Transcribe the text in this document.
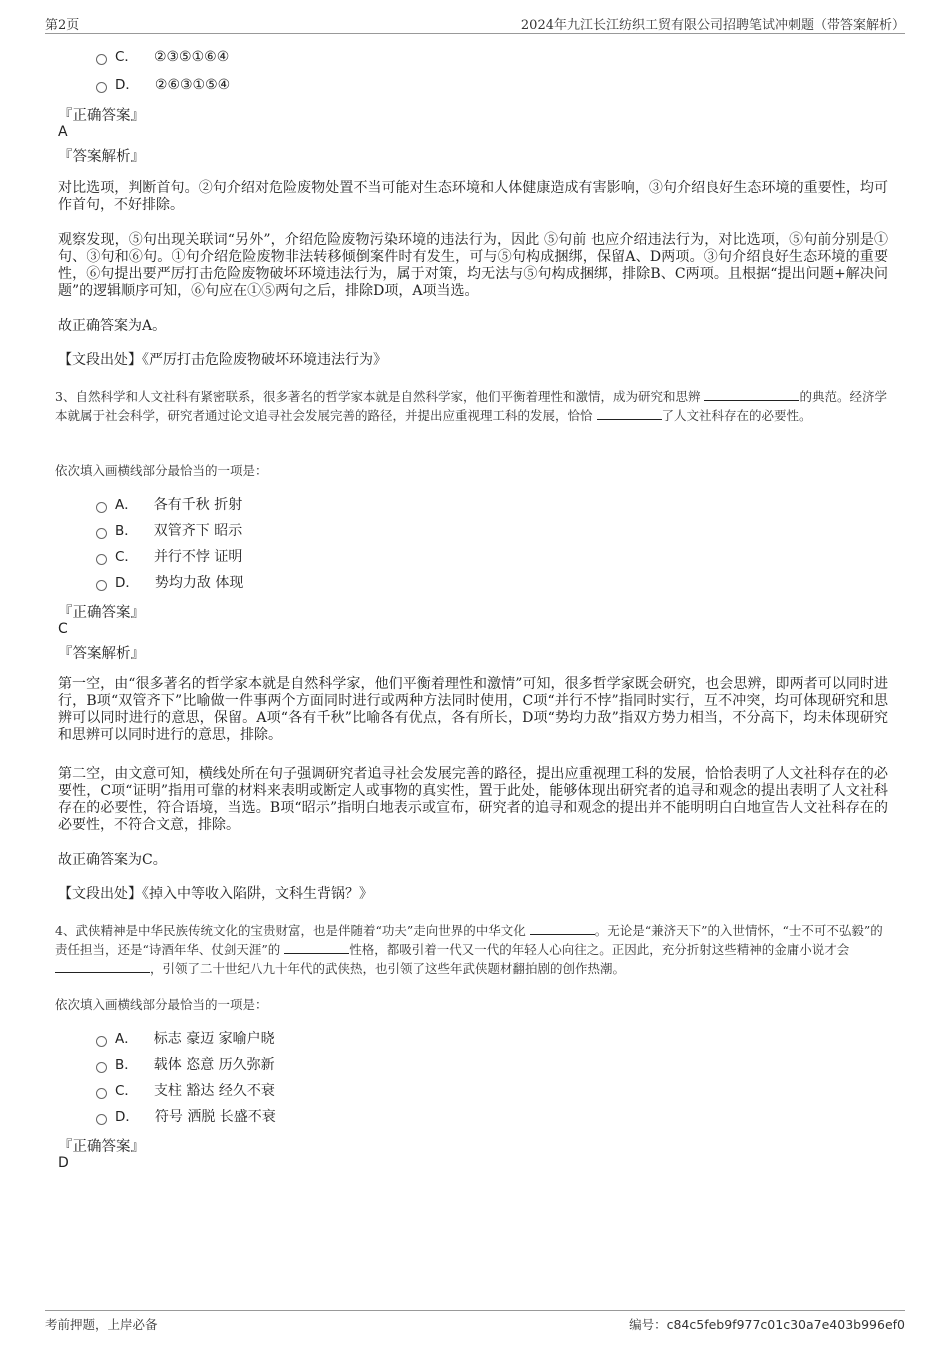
第2页	2024年九江长江纺织工贸有限公司招聘笔试冲刺题（带答案解析）
C． ②③⑤①⑥④
D． ②⑥③①⑤④
『正确答案』
A
『答案解析』
对比选项，判断首句。②句介绍对危险废物处置不当可能对生态环境和人体健康造成有害影响，③句介绍良好生态环境的重要性，均可作首句，不好排除。
观察发现，⑤句出现关联词“另外”，介绍危险废物污染环境的违法行为，因此 ⑤句前 也应介绍违法行为，对比选项，⑤句前分别是①句、③句和⑥句。①句介绍危险废物非法转移倾倒案件时有发生，可与⑤句构成捆绑，保留A、D两项。③句介绍良好生态环境的重要性，⑥句提出要严厉打击危险废物破坏环境违法行为，属于对策，均无法与⑤句构成捆绑，排除B、C两项。且根据“提出问题+解决问题”的逻辑顺序可知，⑥句应在①⑤两句之后，排除D项，A项当选。
故正确答案为A。
【文段出处】《严厉打击危险废物破坏环境违法行为》
3、自然科学和人文社科有紧密联系，很多著名的哲学家本就是自然科学家，他们平衡着理性和激情，成为研究和思辨	的典范。经济学本就属于社会科学，研究者通过论文追寻社会发展完善的路径，并提出应重视理工科的发展，恰恰	了人文社科存在的必要性。
依次填入画横线部分最恰当的一项是：
A． 各有千秋 折射
B． 双管齐下 昭示
C． 并行不悖 证明
D． 势均力敌 体现
『正确答案』
C
『答案解析』
第一空，由“很多著名的哲学家本就是自然科学家，他们平衡着理性和激情”可知，很多哲学家既会研究，也会思辨，即两者可以同时进行，B项“双管齐下”比喻做一件事两个方面同时进行或两种方法同时使用，C项“并行不悖”指同时实行，互不冲突，均可体现研究和思辨可以同时进行的意思，保留。A项“各有千秋”比喻各有优点，各有所长，D项“势均力敌”指双方势力相当，不分高下，均未体现研究和思辨可以同时进行的意思，排除。
第二空，由文意可知，横线处所在句子强调研究者追寻社会发展完善的路径，提出应重视理工科的发展，恰恰表明了人文社科存在的必要性，C项“证明”指用可靠的材料来表明或断定人或事物的真实性，置于此处，能够体现出研究者的追寻和观念的提出表明了人文社科存在的必要性，符合语境，当选。B项“昭示”指明白地表示或宣布，研究者的追寻和观念的提出并不能明明白白地宣告人文社科存在的必要性，不符合文意，排除。
故正确答案为C。
【文段出处】《掉入中等收入陷阱，文科生背锅？》
4、武侠精神是中华民族传统文化的宝贵财富，也是伴随着“功夫”走向世界的中华文化	。无论是“兼济天下”的入世情怀，“士不可不弘毅”的责任担当，还是“诗酒年华、仗剑天涯”的	性格，都吸引着一代又一代的年轻人心向往之。正因此，充分折射这些精神的金庸小说才会 ，引领了二十世纪八九十年代的武侠热，也引领了这些年武侠题材翻拍剧的创作热潮。
依次填入画横线部分最恰当的一项是：
A． 标志 豪迈 家喻户晓
B． 载体 恣意 历久弥新
C． 支柱 豁达 经久不衰
D． 符号 洒脱 长盛不衰
『正确答案』
D
考前押题，上岸必备	编号：c84c5feb9f977c01c30a7e403b996ef0
